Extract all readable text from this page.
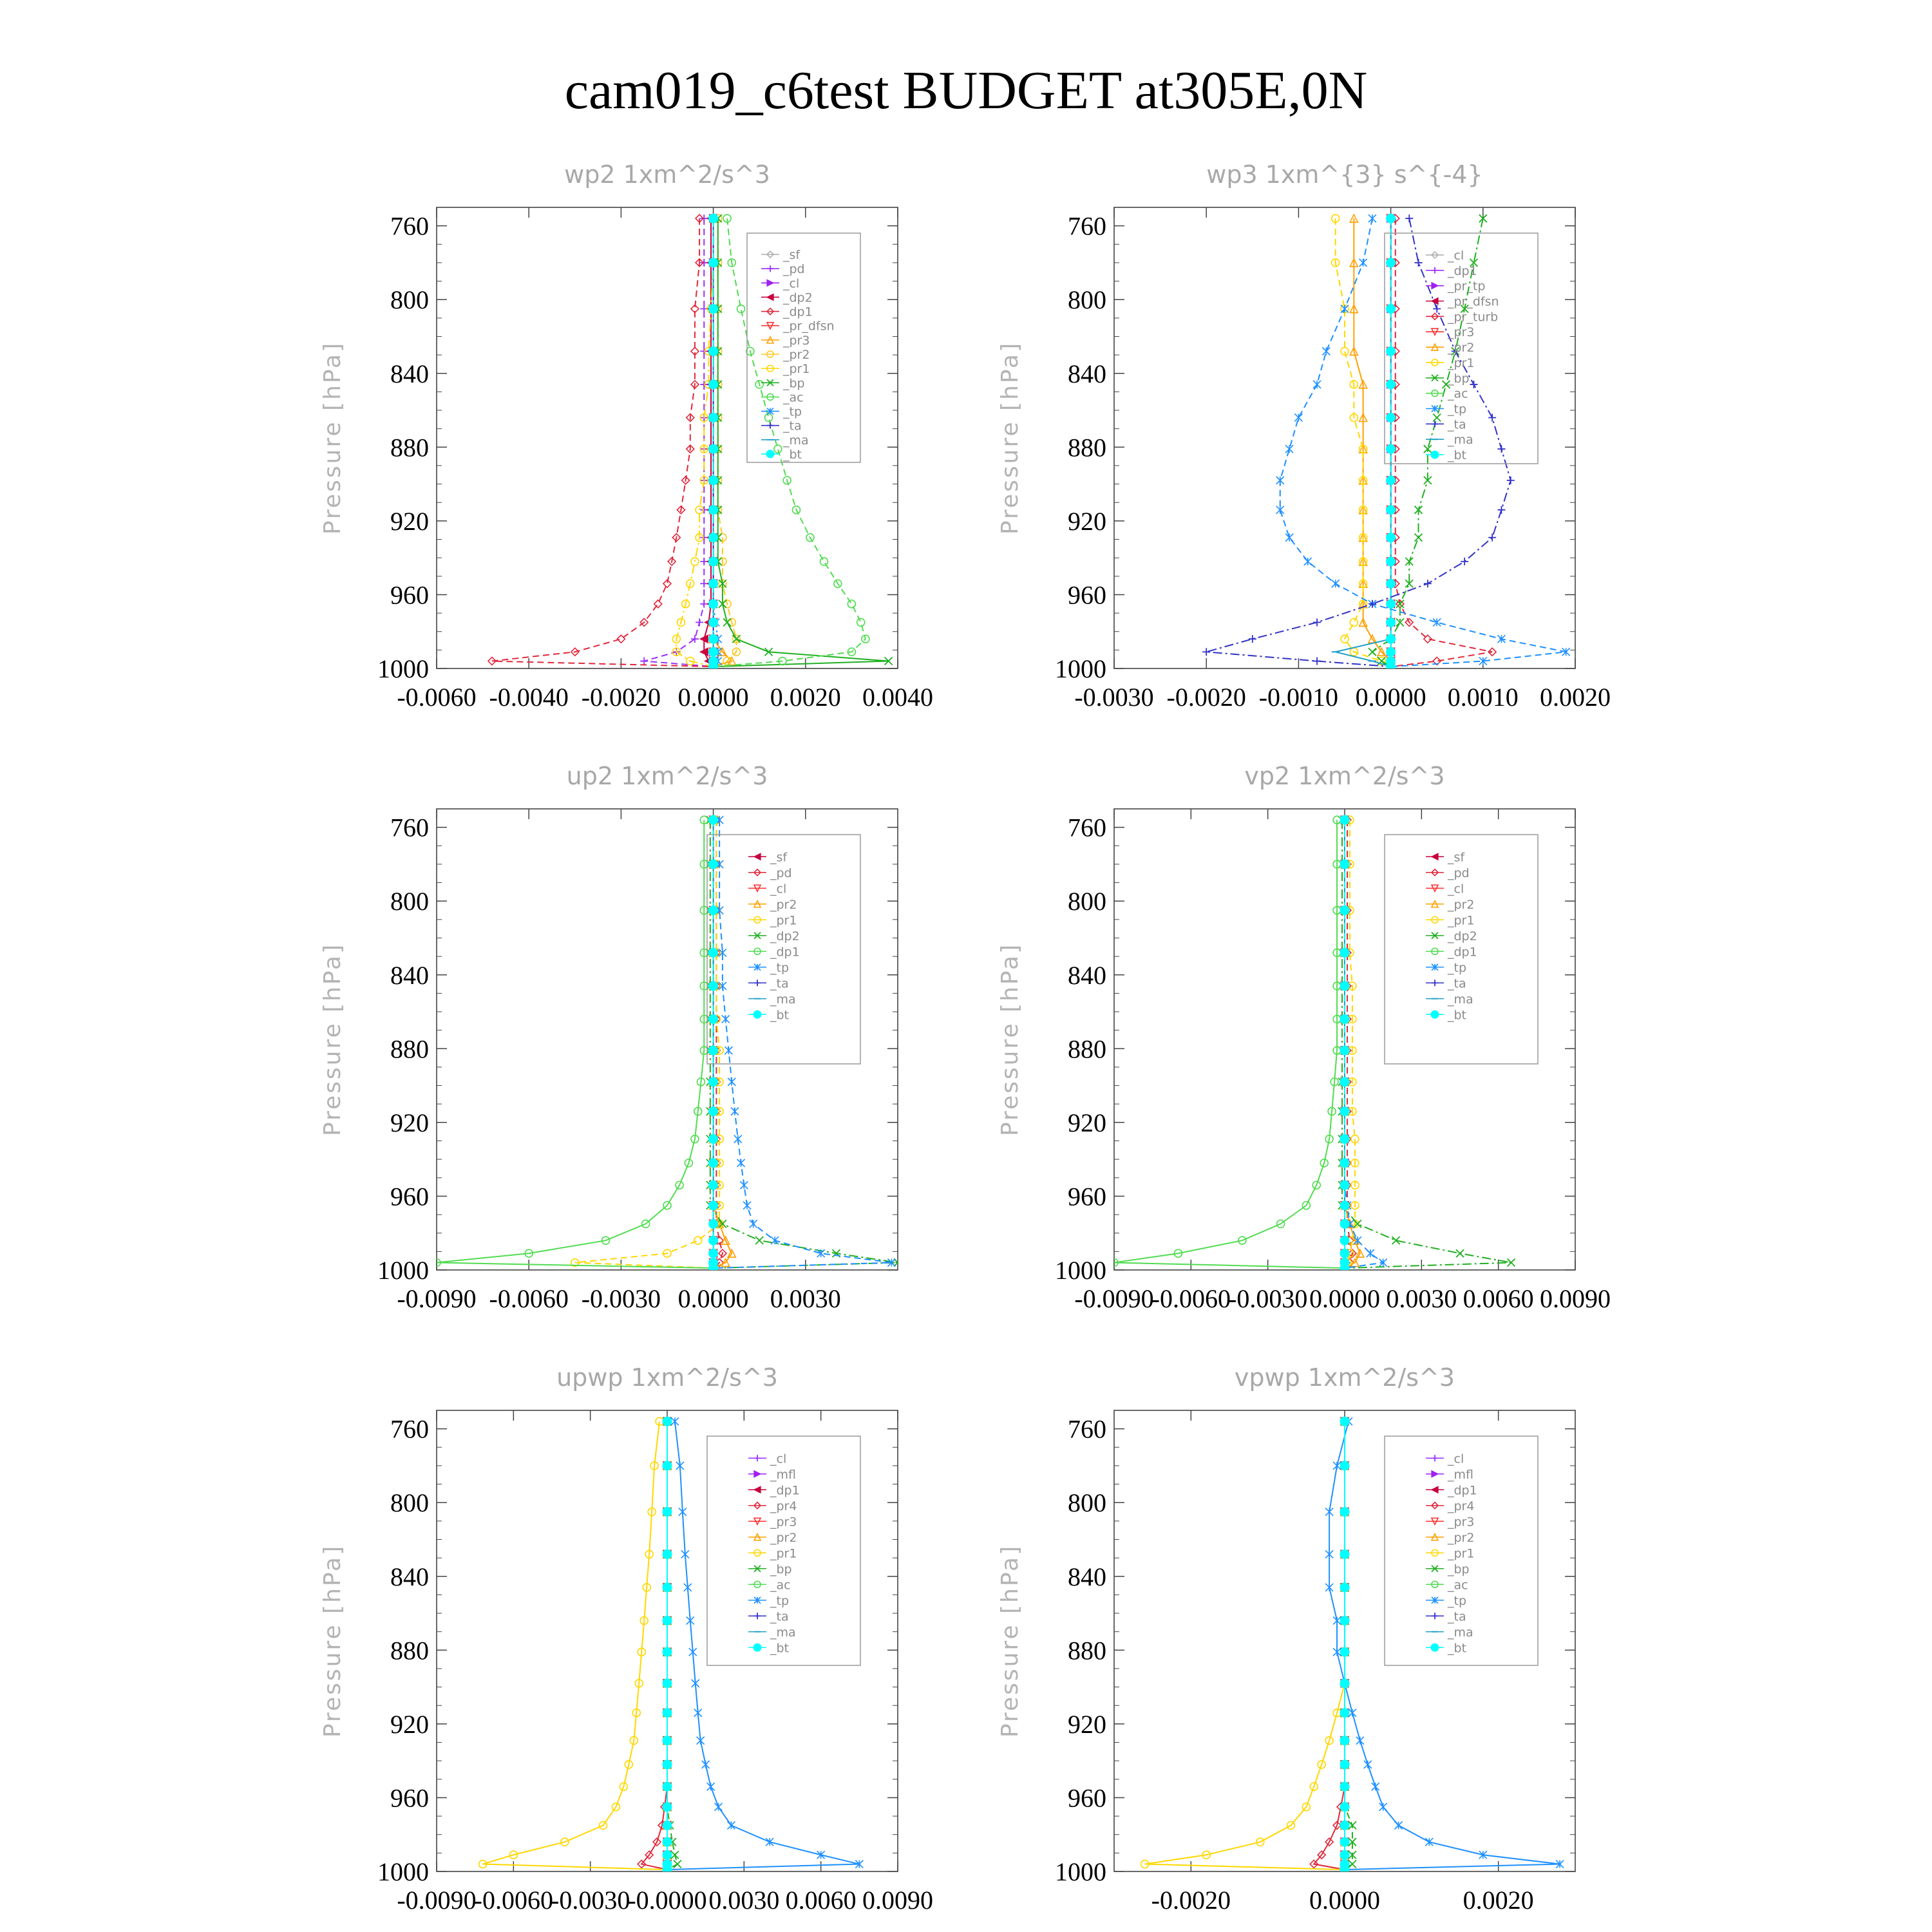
cam019_c6test BUDGET at305E,0N
wp2 1xm^2/s^3
Pressure [hPa]
760
800
840
880
920
960
1000
-0.0060 -0.0040 -0.0020 0.0000 0.0020 0.0040
_sf
_pd
_cl
_dp2
_dp1
_pr_dfsn
_pr3
_pr2
_pr1
_bp
_ac
_tp
_ta
_ma
_bt
wp3 1xm^{3} s^{-4}
Pressure [hPa]
760
800
840
880
920
960
1000
-0.0030 -0.0020 -0.0010 0.0000 0.0010 0.0020
_cl
_dp1
_pr_tp
_pr_dfsn
_pr_turb
_pr3
_pr2
_pr1
_bp
_ac
_tp
_ta
_ma
_bt
up2 1xm^2/s^3
Pressure [hPa]
760
800
840
880
920
960
1000
-0.0090 -0.0060 -0.0030 0.0000 0.0030
_sf
_pd
_cl
_pr2
_pr1
_dp2
_dp1
_tp
_ta
_ma
_bt
vp2 1xm^2/s^3
Pressure [hPa]
760
800
840
880
920
960
1000
-0.0090
-0.0060
-0.0030 0.0000 0.0030 0.0060 0.0090
_sf
_pd
_cl
_pr2
_pr1
_dp2
_dp1
_tp
_ta
_ma
_bt
upwp 1xm^2/s^3
Pressure [hPa]
760
800
840
880
920
960
1000
-0.0090
-0.0060
-0.0030
-0.0000 0.0030 0.0060 0.0090
_cl
_mfl
_dp1
_pr4
_pr3
_pr2
_pr1
_bp
_ac
_tp
_ta
_ma
_bt
vpwp 1xm^2/s^3
Pressure [hPa]
760
800
840
880
920
960
1000
-0.0020	0.0000	0.0020
_cl
_mfl
_dp1
_pr4
_pr3
_pr2
_pr1
_bp
_ac
_tp
_ta
_ma
_bt
